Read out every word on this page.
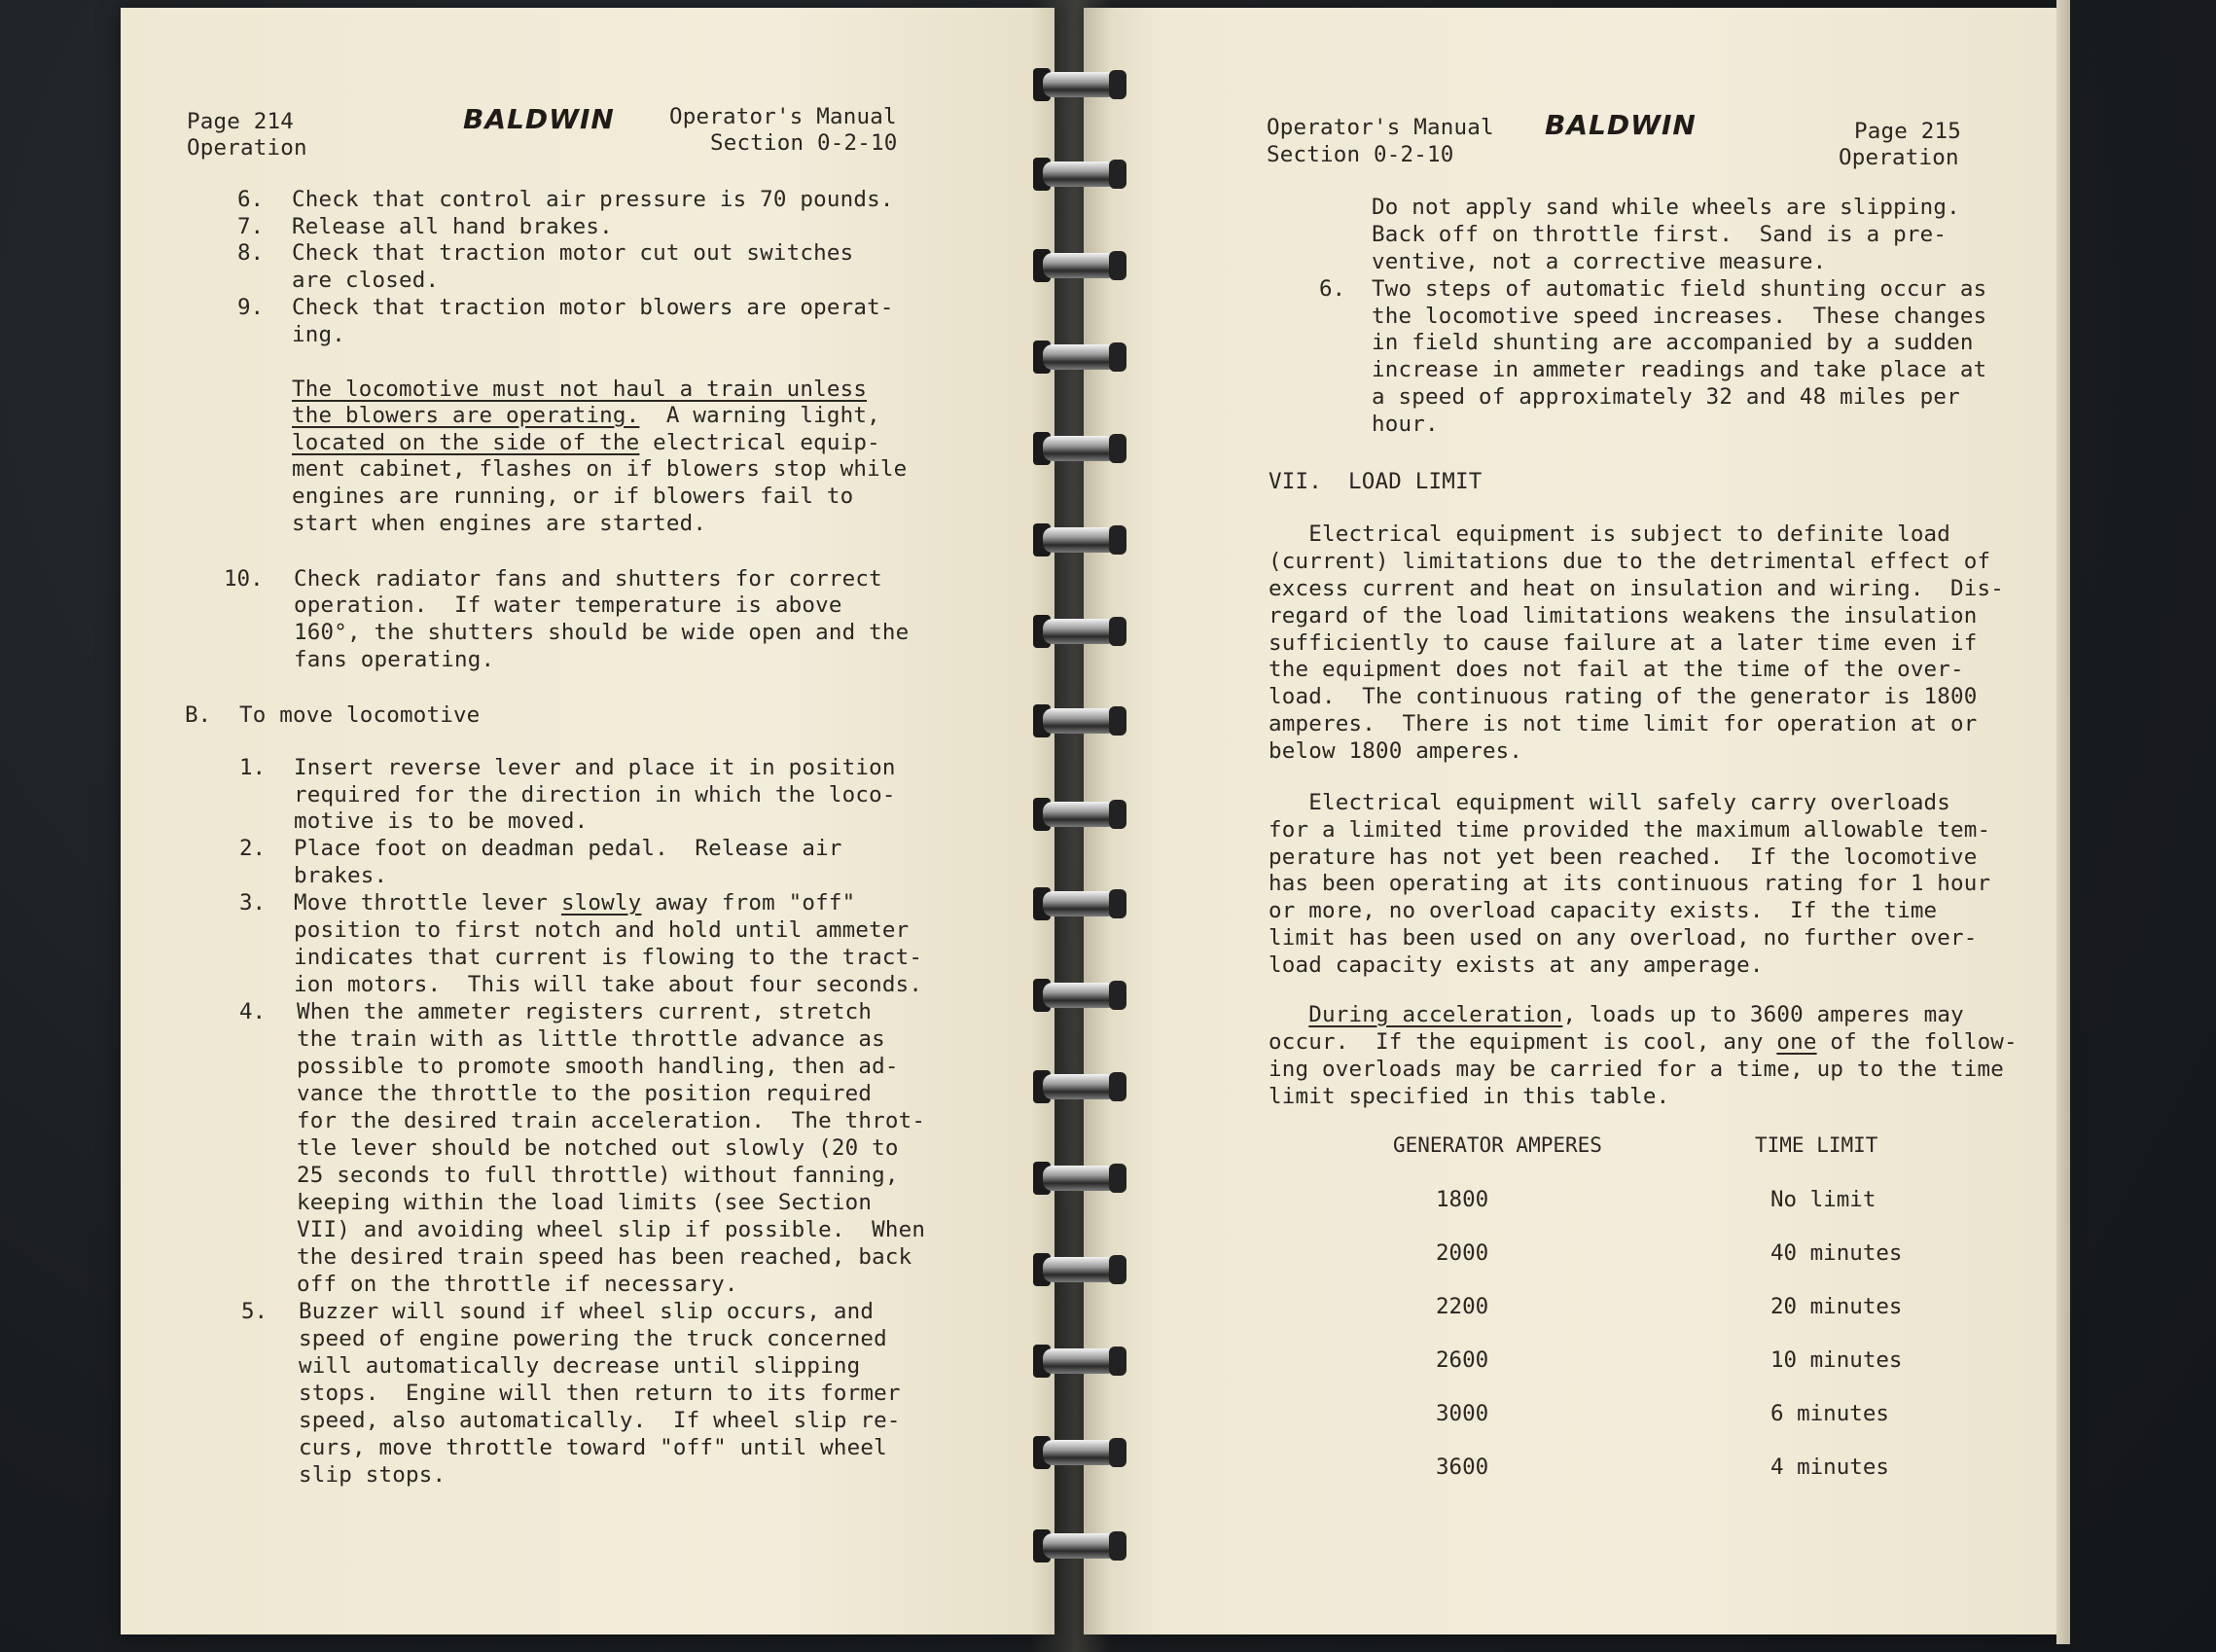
Page 214
Operation
BALDWIN Operator's Manual
Section 0-2-10
6. Check that control air pressure is 70 pounds.
7. Release all hand brakes.
8. Check that traction motor cut out switches
are closed.
9. Check that traction motor blowers are operat-
ing.
The locomotive must not haul a train unless
the blowers are operating.  A warning light,
located on the side of the electrical equip-
ment cabinet, flashes on if blowers stop while
engines are running, or if blowers fail to
start when engines are started.
10. Check radiator fans and shutters for correct
operation.  If water temperature is above
160°, the shutters should be wide open and the
fans operating.
B. To move locomotive
1. Insert reverse lever and place it in position
required for the direction in which the loco-
motive is to be moved.
2. Place foot on deadman pedal.  Release air
brakes.
3. Move throttle lever slowly away from "off"
position to first notch and hold until ammeter
indicates that current is flowing to the tract-
ion motors.  This will take about four seconds.
4. When the ammeter registers current, stretch
the train with as little throttle advance as
possible to promote smooth handling, then ad-
vance the throttle to the position required
for the desired train acceleration.  The throt-
tle lever should be notched out slowly (20 to
25 seconds to full throttle) without fanning,
keeping within the load limits (see Section
VII) and avoiding wheel slip if possible.  When
the desired train speed has been reached, back
off on the throttle if necessary.
5. Buzzer will sound if wheel slip occurs, and
speed of engine powering the truck concerned
will automatically decrease until slipping
stops.  Engine will then return to its former
speed, also automatically.  If wheel slip re-
curs, move throttle toward "off" until wheel
slip stops.
Operator's Manual
Section 0-2-10
BALDWIN	Page 215
Operation
Do not apply sand while wheels are slipping.
Back off on throttle first.  Sand is a pre-
ventive, not a corrective measure.
6. Two steps of automatic field shunting occur as
the locomotive speed increases.  These changes
in field shunting are accompanied by a sudden
increase in ammeter readings and take place at
a speed of approximately 32 and 48 miles per
hour.
VII. LOAD LIMIT
Electrical equipment is subject to definite load
(current) limitations due to the detrimental effect of
excess current and heat on insulation and wiring.  Dis-
regard of the load limitations weakens the insulation
sufficiently to cause failure at a later time even if
the equipment does not fail at the time of the over-
load.  The continuous rating of the generator is 1800
amperes.  There is not time limit for operation at or
below 1800 amperes.
Electrical equipment will safely carry overloads
for a limited time provided the maximum allowable tem-
perature has not yet been reached.  If the locomotive
has been operating at its continuous rating for 1 hour
or more, no overload capacity exists.  If the time
limit has been used on any overload, no further over-
load capacity exists at any amperage.
During acceleration, loads up to 3600 amperes may
occur.  If the equipment is cool, any one of the follow-
ing overloads may be carried for a time, up to the time
limit specified in this table.
GENERATOR AMPERES	TIME LIMIT
1800	No limit
2000	40 minutes
2200	20 minutes
2600	10 minutes
3000	6 minutes
3600	4 minutes
